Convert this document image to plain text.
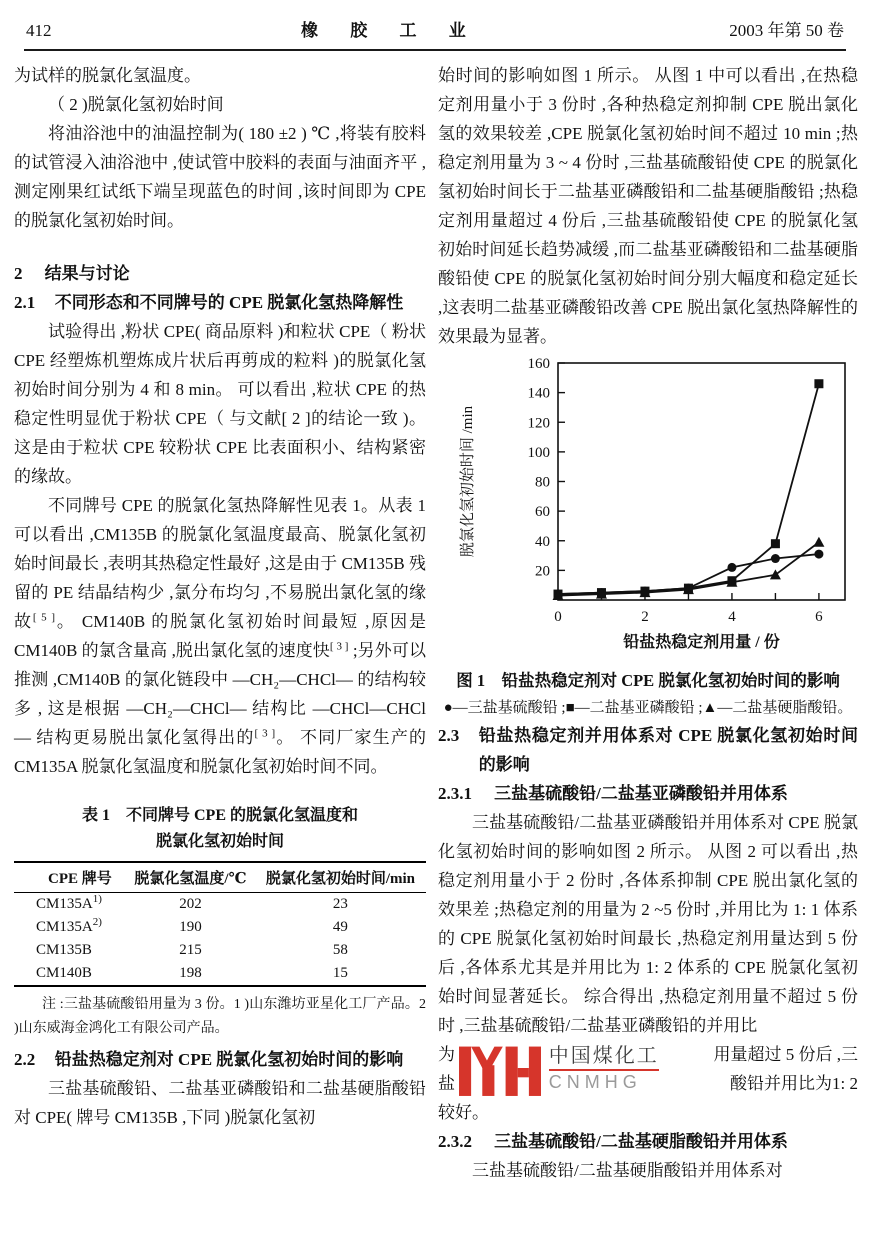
412	橡 胶 工 业	2003 年第 50 卷

为试样的脱氯化氢温度。

（ 2 )脱氯化氢初始时间

将油浴池中的油温控制为( 180 ±2 ) ℃ ,将装有胶料的试管浸入油浴池中 ,使试管中胶料的表面与油面齐平 ,测定刚果红试纸下端呈现蓝色的时间 ,该时间即为 CPE 的脱氯化氢初始时间。

2	结果与讨论
2.1	不同形态和不同牌号的 CPE 脱氯化氢热降解性

试验得出 ,粉状 CPE( 商品原料 )和粒状 CPE（ 粉状 CPE 经塑炼机塑炼成片状后再剪成的粒料 )的脱氯化氢初始时间分别为 4 和 8 min。 可以看出 ,粒状 CPE 的热稳定性明显优于粉状 CPE（ 与文献[ 2 ]的结论一致 )。 这是由于粒状 CPE 较粉状 CPE 比表面积小、结构紧密的缘故。

不同牌号 CPE 的脱氯化氢热降解性见表 1。从表 1 可以看出 ,CM135B 的脱氯化氢温度最高、脱氯化氢初始时间最长 ,表明其热稳定性最好 ,这是由于 CM135B 残留的 PE 结晶结构少 ,氯分布均匀 ,不易脱出氯化氢的缘故[ 5 ]。 CM140B 的脱氯化氢初始时间最短 ,原因是 CM140B 的氯含量高 ,脱出氯化氢的速度快[ 3 ] ;另外可以推测 ,CM140B 的氯化链段中 —CH₂—CHCl— 的结构较多 , 这是根据 —CH₂—CHCl— 结构比 —CHCl—CHCl— 结构更易脱出氯化氢得出的[ 3 ]。 不同厂家生产的 CM135A 脱氯化氢温度和脱氯化氢初始时间不同。

表 1　不同牌号 CPE 的脱氯化氢温度和
脱氯化氢初始时间
CPE 牌号	脱氯化氢温度/℃	脱氯化氢初始时间/min
$CM135A^{1)}$	202	23
$CM135A^{2)}$	190	49
CM135B	215	58
CM140B	198	15
注 :三盐基硫酸铅用量为 3 份。1 )山东潍坊亚星化工厂产品。2 )山东威海金鸿化工有限公司产品。
2.2	铅盐热稳定剂对 CPE 脱氯化氢初始时间的影响

三盐基硫酸铅、二盐基亚磷酸铅和二盐基硬脂酸铅对 CPE( 牌号 CM135B ,下同 )脱氯化氢初

始时间的影响如图 1 所示。 从图 1 中可以看出 ,在热稳定剂用量小于 3 份时 ,各种热稳定剂抑制 CPE 脱出氯化氢的效果较差 ,CPE 脱氯化氢初始时间不超过 10 min ;热稳定剂用量为 3 ~ 4 份时 ,三盐基硫酸铅使 CPE 的脱氯化氢初始时间长于二盐基亚磷酸铅和二盐基硬脂酸铅 ;热稳定剂用量超过 4 份后 ,三盐基硫酸铅使 CPE 的脱氯化氢初始时间延长趋势减缓 ,而二盐基亚磷酸铅和二盐基硬脂酸铅使 CPE 的脱氯化氢初始时间分别大幅度和稳定延长 ,这表明二盐基亚磷酸铅改善 CPE 脱出氯化氢热降解性的效果最为显著。

20
40
60
80
100
120
140
160
0	2	4	6
脱氯化氢初始时间 /min
铅盐热稳定剂用量 / 份
图 1　铅盐热稳定剂对 CPE 脱氯化氢初始时间的影响
●—三盐基硫酸铅 ;■—二盐基亚磷酸铅 ;▲—二盐基硬脂酸铅。
2.3	铅盐热稳定剂并用体系对 CPE 脱氯化氢初始时间的影响
2.3.1	三盐基硫酸铅/二盐基亚磷酸铅并用体系

三盐基硫酸铅/二盐基亚磷酸铅并用体系对 CPE 脱氯化氢初始时间的影响如图 2 所示。 从图 2 可以看出 ,热稳定剂用量小于 2 份时 ,各体系抑制 CPE 脱出氯化氢的效果差 ;热稳定剂的用量为 2 ~5 份时 ,并用比为 1: 1 体系的 CPE 脱氯化氢初始时间最长 ,热稳定剂用量达到 5 份后 ,各体系尤其是并用比为 1: 2 体系的 CPE 脱氯化氢初始时间显著延长。 综合得出 ,热稳定剂用量不超过 5 份时 ,三盐基硫酸铅/二盐基亚磷酸铅的并用比

为	用量超过 5 份后 ,三
盐	酸铅并用比为1: 2
中国煤化工
CNMHG

较好。

2.3.2	三盐基硫酸铅/二盐基硬脂酸铅并用体系

三盐基硫酸铅/二盐基硬脂酸铅并用体系对
